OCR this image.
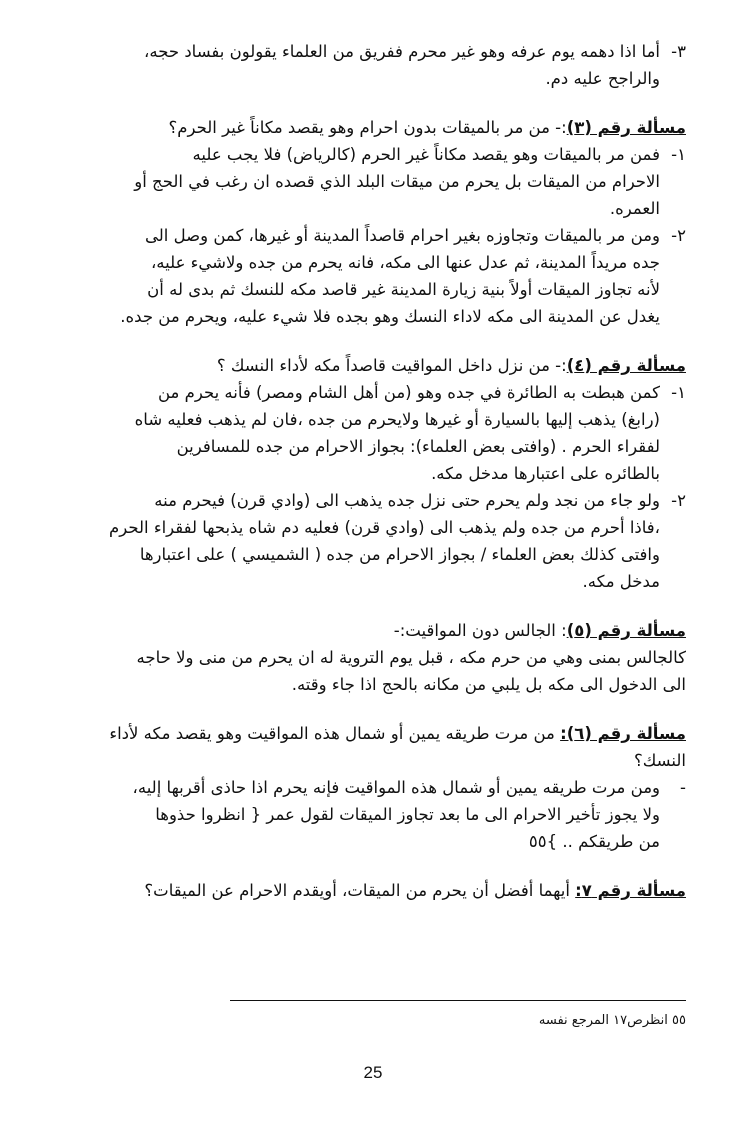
٣-أما اذا دهمه يوم عرفه وهو غير محرم ففريق من العلماء يقولون بفساد حجه،
والراجح عليه دم.
مسألة رقم (٣):- من مر بالميقات بدون احرام وهو يقصد مكاناً غير الحرم؟
١-فمن مر بالميقات وهو يقصد مكاناً غير الحرم (كالرياض) فلا يجب عليه
الاحرام من الميقات بل يحرم من ميقات البلد الذي قصده ان رغب في الحج أو
العمره.
٢-ومن مر بالميقات وتجاوزه بغير احرام قاصداً المدينة أو غيرها، كمن وصل الى
جده مريداً المدينة، ثم عدل عنها الى مكه، فانه يحرم من جده ولاشيء عليه،
لأنه تجاوز الميقات أولاً بنية زيارة المدينة غير قاصد مكه للنسك ثم بدى له أن
يغدل عن المدينة الى مكه لاداء النسك وهو بجده فلا شيء عليه، ويحرم من جده.
مسألة رقم (٤):- من نزل داخل المواقيت قاصداً مكه لأداء النسك ؟
١-كمن هبطت به الطائرة في جده وهو (من أهل الشام ومصر) فأنه يحرم من
(رابغ) يذهب إليها بالسيارة أو غيرها ولايحرم من جده ،فان لم يذهب فعليه شاه
لفقراء الحرم . (وافتى بعض العلماء): بجواز الاحرام من جده للمسافرين
بالطائره على اعتبارها مدخل مكه.
٢-ولو جاء من نجد ولم يحرم حتى نزل جده يذهب الى (وادي قرن) فيحرم منه
،فاذا أحرم من جده ولم يذهب الى (وادي قرن) فعليه دم شاه يذبحها لفقراء الحرم
وافتى كذلك بعض العلماء / بجواز الاحرام من جده ( الشميسي ) على اعتبارها
مدخل مكه.
مسألة رقم (٥): الجالس دون المواقيت:-
كالجالس بمنى وهي من حرم مكه ، قبل يوم التروية له ان يحرم من منى ولا حاجه
الى الدخول الى مكه بل يلبي من مكانه بالحج اذا جاء وقته.
مسألة رقم (٦): من مرت طريقه يمين أو شمال هذه المواقيت وهو يقصد مكه لأداء
النسك؟
-ومن مرت طريقه يمين أو شمال هذه المواقيت فإنه يحرم اذا حاذى أقربها إليه،
ولا يجوز تأخير الاحرام الى ما بعد تجاوز الميقات لقول عمر { انظروا حذوها
من طريقكم .. }٥٥
مسألة رقم ٧: أيهما أفضل أن يحرم من الميقات، أويقدم الاحرام عن الميقات؟
٥٥ انظرص١٧ المرجع نفسه
25
